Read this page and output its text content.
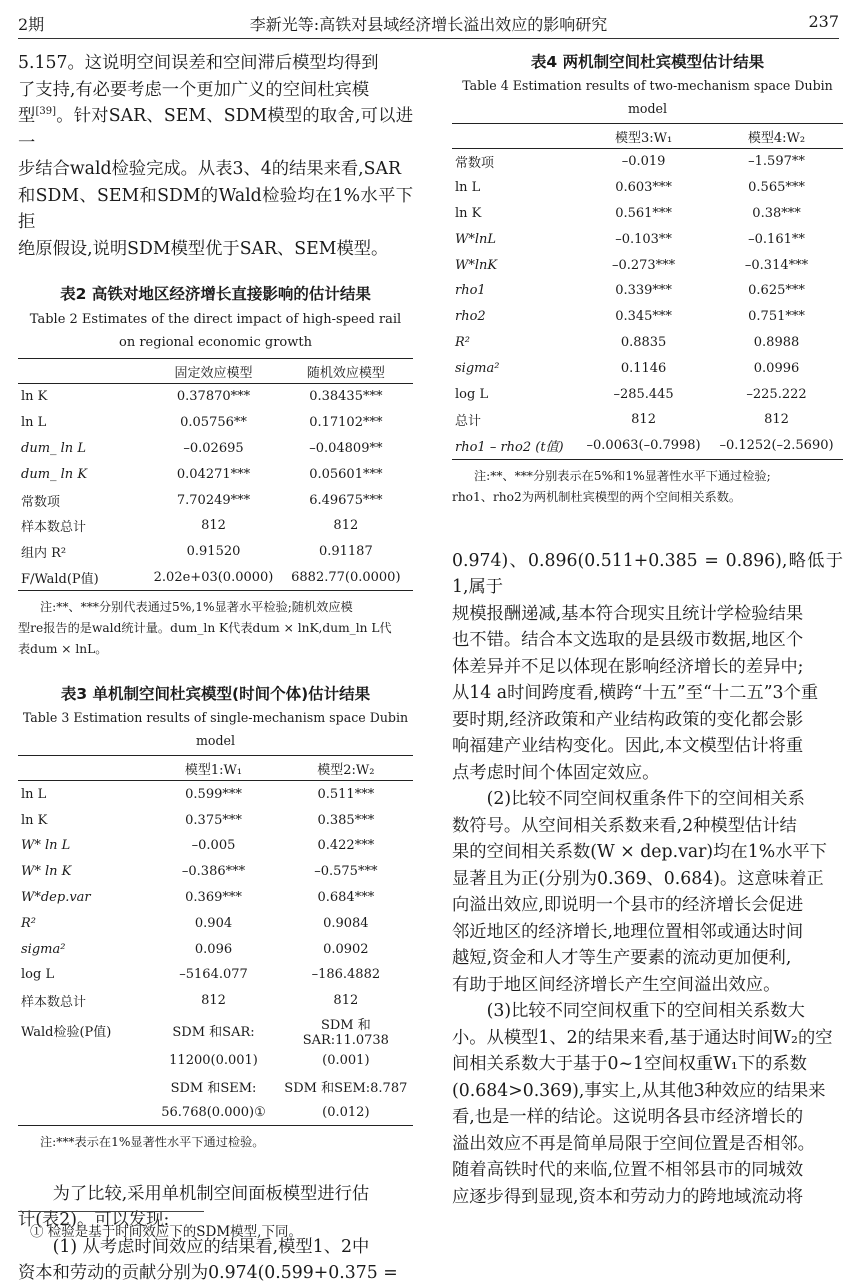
2期	李新光等:高铁对县域经济增长溢出效应的影响研究	237

5.157。这说明空间误差和空间滞后模型均得到
了支持,有必要考虑一个更加广义的空间杜宾模
型[39]。针对SAR、SEM、SDM模型的取舍,可以进一
步结合wald检验完成。从表3、4的结果来看,SAR
和SDM、SEM和SDM的Wald检验均在1%水平下拒
绝原假设,说明SDM模型优于SAR、SEM模型。

表2 高铁对地区经济增长直接影响的估计结果

Table 2 Estimates of the direct impact of high-speed rail

on regional economic growth

	固定效应模型	随机效应模型
ln K	0.37870***	0.38435***
ln L	0.05756**	0.17102***
dum_ ln L	–0.02695	–0.04809**
dum_ ln K	0.04271***	0.05601***
常数项	7.70249***	6.49675***
样本数总计	812	812
组内 R²	0.91520	0.91187
F/Wald(P值)	2.02e+03(0.0000)	6882.77(0.0000)

注:**、***分别代表通过5%,1%显著水平检验;随机效应模
型re报告的是wald统计量。dum_ln K代表dum × lnK,dum_ln L代
表dum × lnL。

表3 单机制空间杜宾模型(时间个体)估计结果

Table 3 Estimation results of single-mechanism space Dubin model

	模型1:W₁	模型2:W₂
ln L	0.599***	0.511***
ln K	0.375***	0.385***
W* ln L	–0.005	0.422***
W* ln K	–0.386***	–0.575***
W*dep.var	0.369***	0.684***
R²	0.904	0.9084
sigma²	0.096	0.0902
log L	–5164.077	–186.4882
样本数总计	812	812
Wald检验(P值)	SDM 和SAR:	SDM 和SAR:11.0738
	11200(0.001)	(0.001)
	SDM 和SEM:	SDM 和SEM:8.787
	56.768(0.000)①	(0.012)

注:***表示在1%显著性水平下通过检验。

为了比较,采用单机制空间面板模型进行估
计(表2)。可以发现:
(1) 从考虑时间效应的结果看,模型1、2中
资本和劳动的贡献分别为0.974(0.599+0.375 =

表4 两机制空间杜宾模型估计结果

Table 4 Estimation results of two-mechanism space Dubin model

	模型3:W₁	模型4:W₂
常数项	–0.019	–1.597**
ln L	0.603***	0.565***
ln K	0.561***	0.38***
W*lnL	–0.103**	–0.161**
W*lnK	–0.273***	–0.314***
rho1	0.339***	0.625***
rho2	0.345***	0.751***
R²	0.8835	0.8988
sigma²	0.1146	0.0996
log L	–285.445	–225.222
总计	812	812
rho1 – rho2 (t值)	–0.0063(–0.7998)	–0.1252(–2.5690)

注:**、***分别表示在5%和1%显著性水平下通过检验;
rho1、rho2为两机制杜宾模型的两个空间相关系数。

0.974)、0.896(0.511+0.385 = 0.896),略低于1,属于
规模报酬递减,基本符合现实且统计学检验结果
也不错。结合本文选取的是县级市数据,地区个
体差异并不足以体现在影响经济增长的差异中;
从14 a时间跨度看,横跨“十五”至“十二五”3个重
要时期,经济政策和产业结构政策的变化都会影
响福建产业结构变化。因此,本文模型估计将重
点考虑时间个体固定效应。

(2)比较不同空间权重条件下的空间相关系
数符号。从空间相关系数来看,2种模型估计结
果的空间相关系数(W × dep.var)均在1%水平下
显著且为正(分别为0.369、0.684)。这意味着正
向溢出效应,即说明一个县市的经济增长会促进
邻近地区的经济增长,地理位置相邻或通达时间
越短,资金和人才等生产要素的流动更加便利,
有助于地区间经济增长产生空间溢出效应。

(3)比较不同空间权重下的空间相关系数大
小。从模型1、2的结果来看,基于通达时间W₂的空
间相关系数大于基于0~1空间权重W₁下的系数
(0.684>0.369),事实上,从其他3种效应的结果来
看,也是一样的结论。这说明各县市经济增长的
溢出效应不再是简单局限于空间位置是否相邻。
随着高铁时代的来临,位置不相邻县市的同城效
应逐步得到显现,资本和劳动力的跨地域流动将

① 检验是基于时间效应下的SDM模型,下同。
